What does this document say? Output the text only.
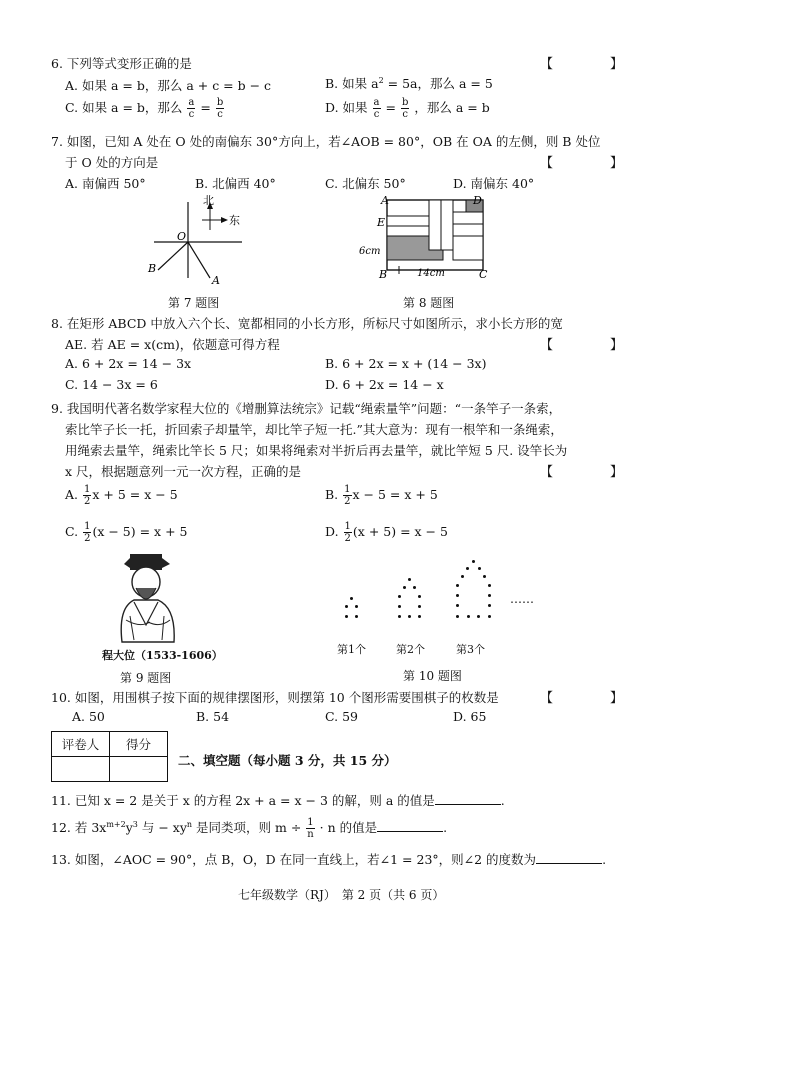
6. 下列等式变形正确的是	【　】
A. 如果 a = b，那么 a + c = b − c	B. 如果 $a^2 = 5a$，那么 a = 5
C. 如果 a = b，那么 $\frac{a}{c} = \frac{b}{c}$	D. 如果 $\frac{a}{c} = \frac{b}{c}$ ，那么 a = b
7. 如图，已知 A 处在 O 处的南偏东 30°方向上，若∠AOB = 80°，OB 在 OA 的左侧，则 B 处位
于 O 处的方向是	【　】
A. 南偏西 50°	B. 北偏西 40°	C. 北偏东 50°	D. 南偏东 40°
北
东
O
A
B
第 7 题图
A	D
E
B	C
6cm
14cm
第 8 题图
8. 在矩形 ABCD 中放入六个长、宽都相同的小长方形，所标尺寸如图所示，求小长方形的宽
AE. 若 AE = x(cm)，依题意可得方程	【　】
A. 6 + 2x = 14 − 3x	B. 6 + 2x = x + (14 − 3x)
C. 14 − 3x = 6	D. 6 + 2x = 14 − x
9. 我国明代著名数学家程大位的《增删算法统宗》记载“绳索量竿”问题：“一条竿子一条索，
索比竿子长一托，折回索子却量竿，却比竿子短一托.”其大意为：现有一根竿和一条绳索，
用绳索去量竿，绳索比竿长 5 尺；如果将绳索对半折后再去量竿，就比竿短 5 尺. 设竿长为
x 尺，根据题意列一元一次方程，正确的是	【　】
A. $\frac{1}{2}$ x + 5 = x − 5	B. $\frac{1}{2}$ x − 5 = x + 5
C. $\frac{1}{2} (x - 5) = x + 5$	D. $\frac{1}{2} (x + 5) = x - 5$
程大位（1533-1606）
第 9 题图
……
第1个	第2个	第3个
第 10 题图
10. 如图，用围棋子按下面的规律摆图形，则摆第 10 个图形需要围棋子的枚数是	【　】
A. 50	B. 54	C. 59	D. 65
评卷人	得分

二、填空题（每小题 3 分，共 15 分）
11. 已知 x = 2 是关于 x 的方程 2x + a = x − 3 的解，则 a 的值是	.
12. 若 $3x^{m+2}y^3$ 与 − $xy^n$ 是同类项，则 $m \div \frac{1}{n} \cdot n$ 的值是	.
13. 如图，∠AOC = 90°，点 B，O，D 在同一直线上，若∠1 = 23°，则∠2 的度数为	.
七年级数学（RJ）　第 2 页（共 6 页）
